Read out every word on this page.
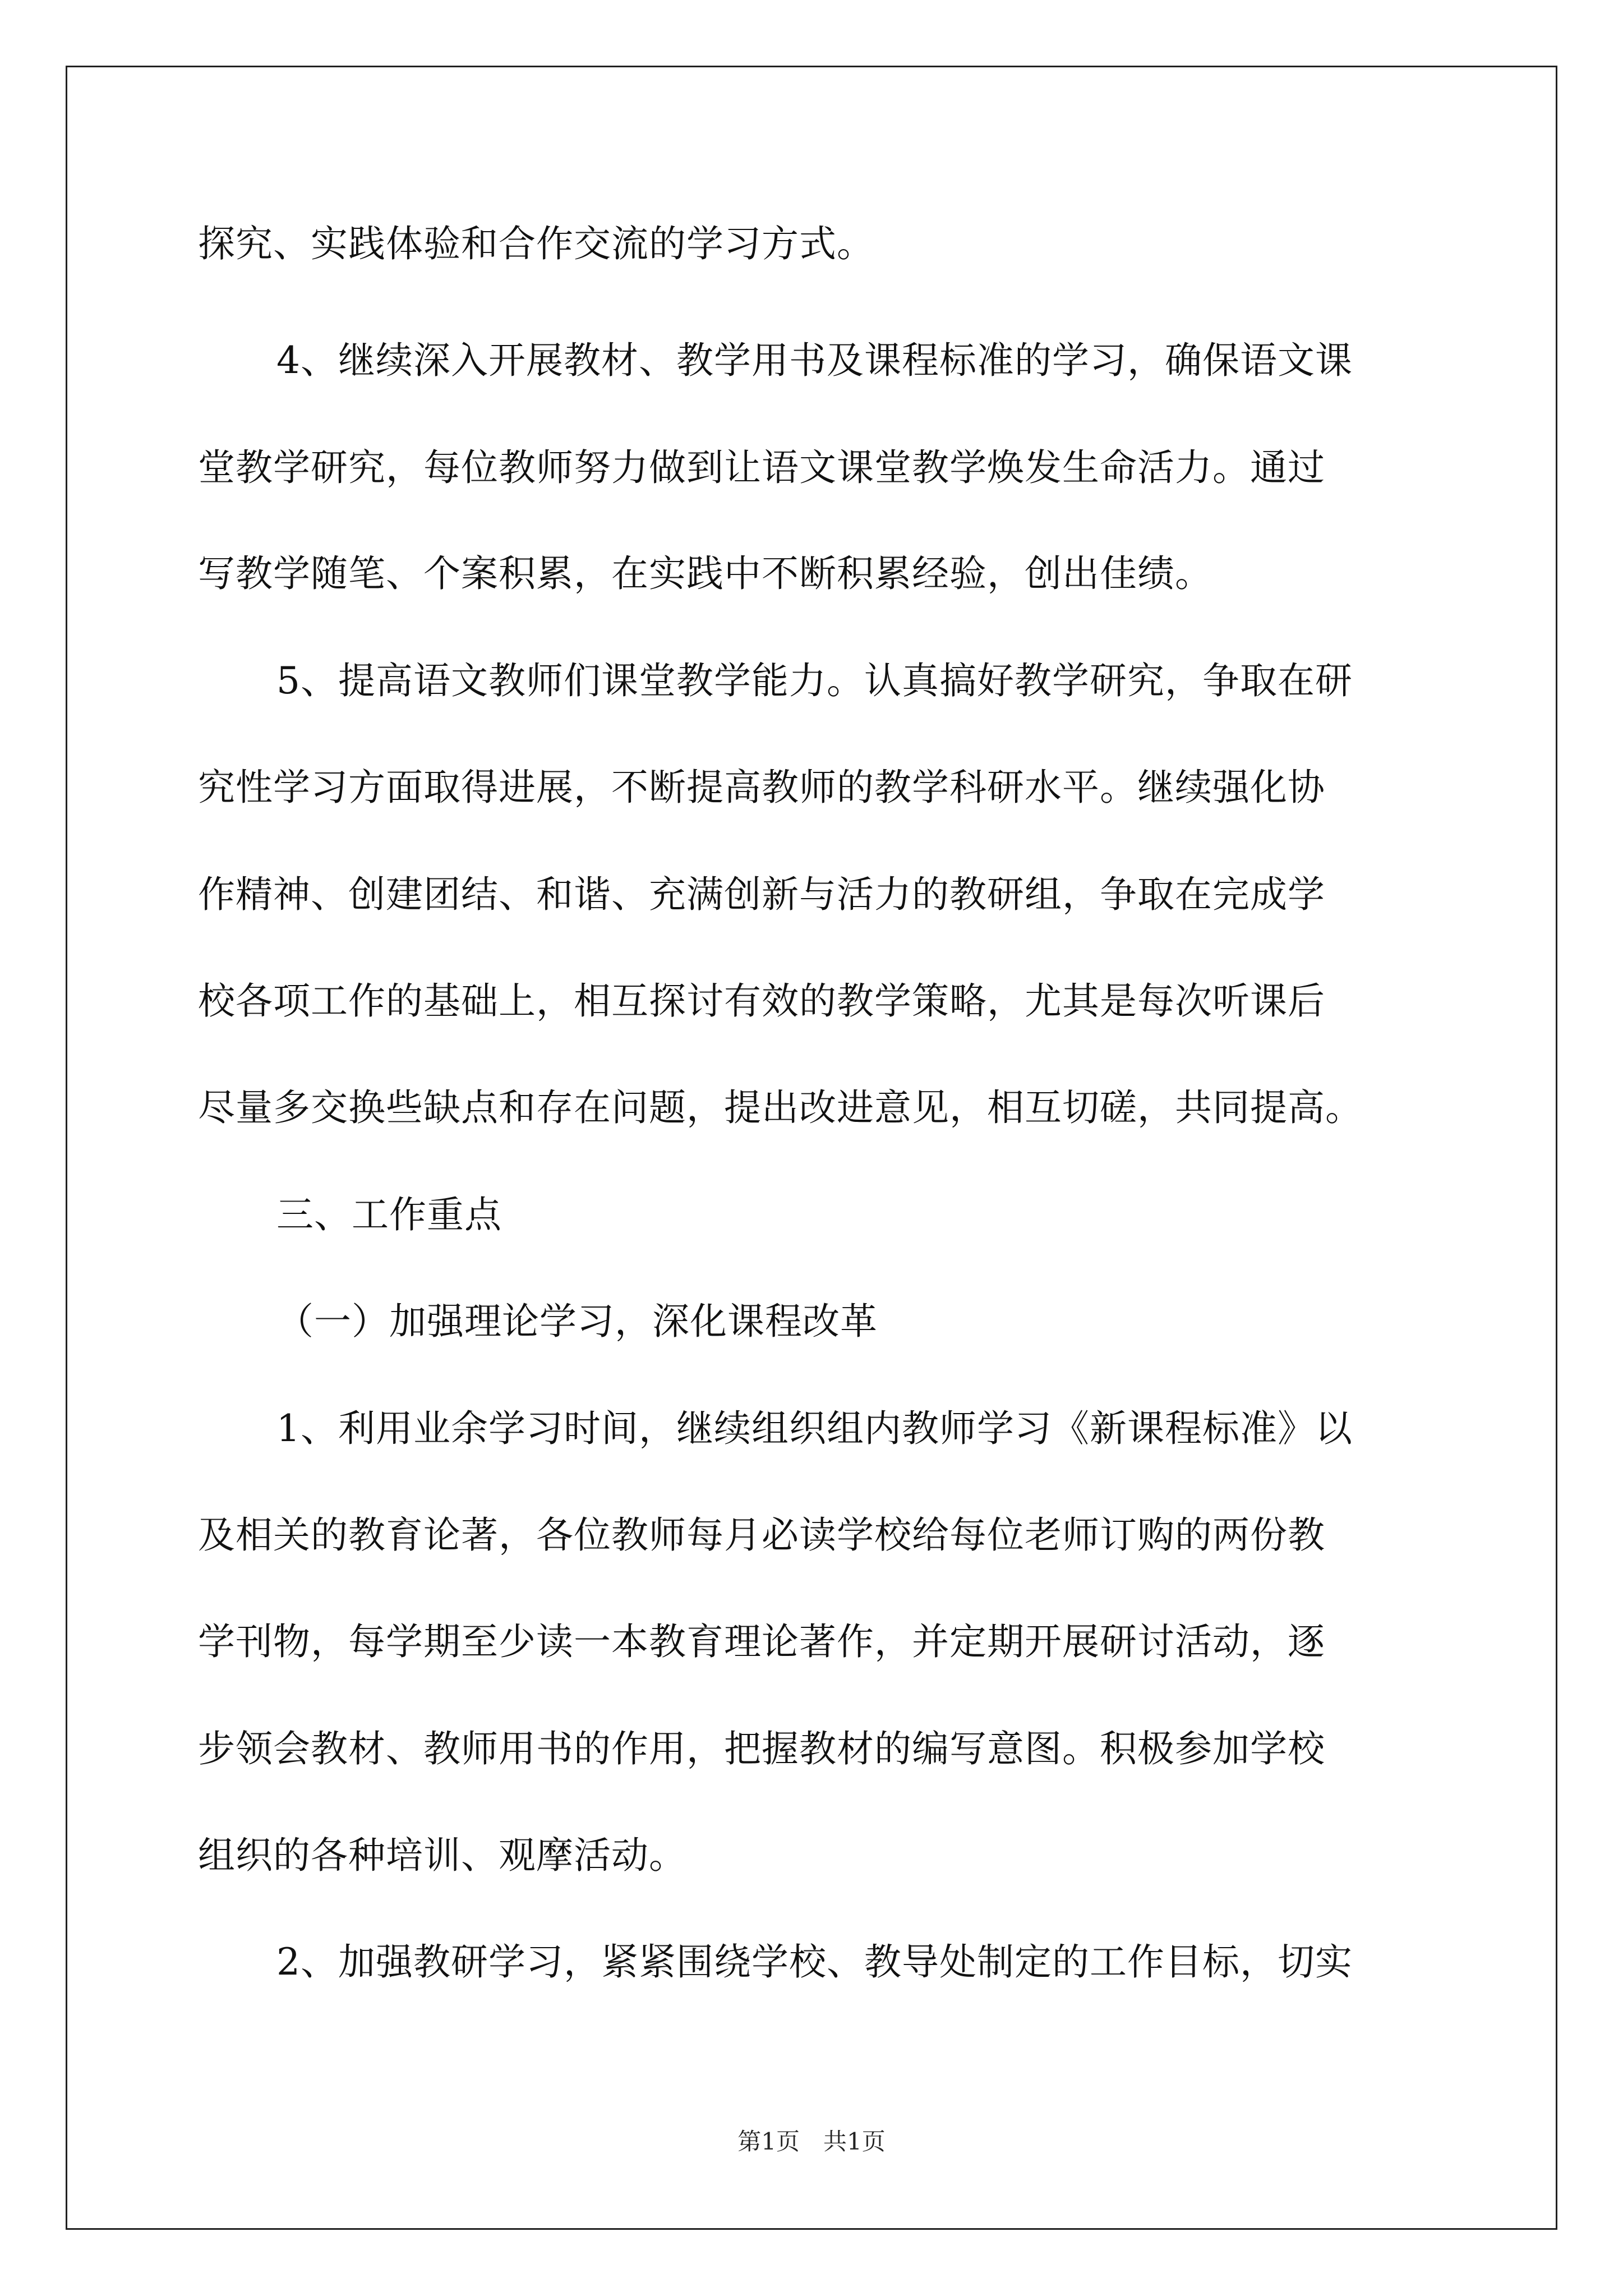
探究、实践体验和合作交流的学习方式。
4、继续深入开展教材、教学用书及课程标准的学习，确保语文课
堂教学研究，每位教师努力做到让语文课堂教学焕发生命活力。通过
写教学随笔、个案积累，在实践中不断积累经验，创出佳绩。
5、提高语文教师们课堂教学能力。认真搞好教学研究，争取在研
究性学习方面取得进展，不断提高教师的教学科研水平。继续强化协
作精神、创建团结、和谐、充满创新与活力的教研组，争取在完成学
校各项工作的基础上，相互探讨有效的教学策略，尤其是每次听课后
尽量多交换些缺点和存在问题，提出改进意见，相互切磋，共同提高。
三、工作重点
（一）加强理论学习，深化课程改革
1、利用业余学习时间，继续组织组内教师学习《新课程标准》以
及相关的教育论著，各位教师每月必读学校给每位老师订购的两份教
学刊物，每学期至少读一本教育理论著作，并定期开展研讨活动，逐
步领会教材、教师用书的作用，把握教材的编写意图。积极参加学校
组织的各种培训、观摩活动。
2、加强教研学习，紧紧围绕学校、教导处制定的工作目标，切实
第1页　共1页
